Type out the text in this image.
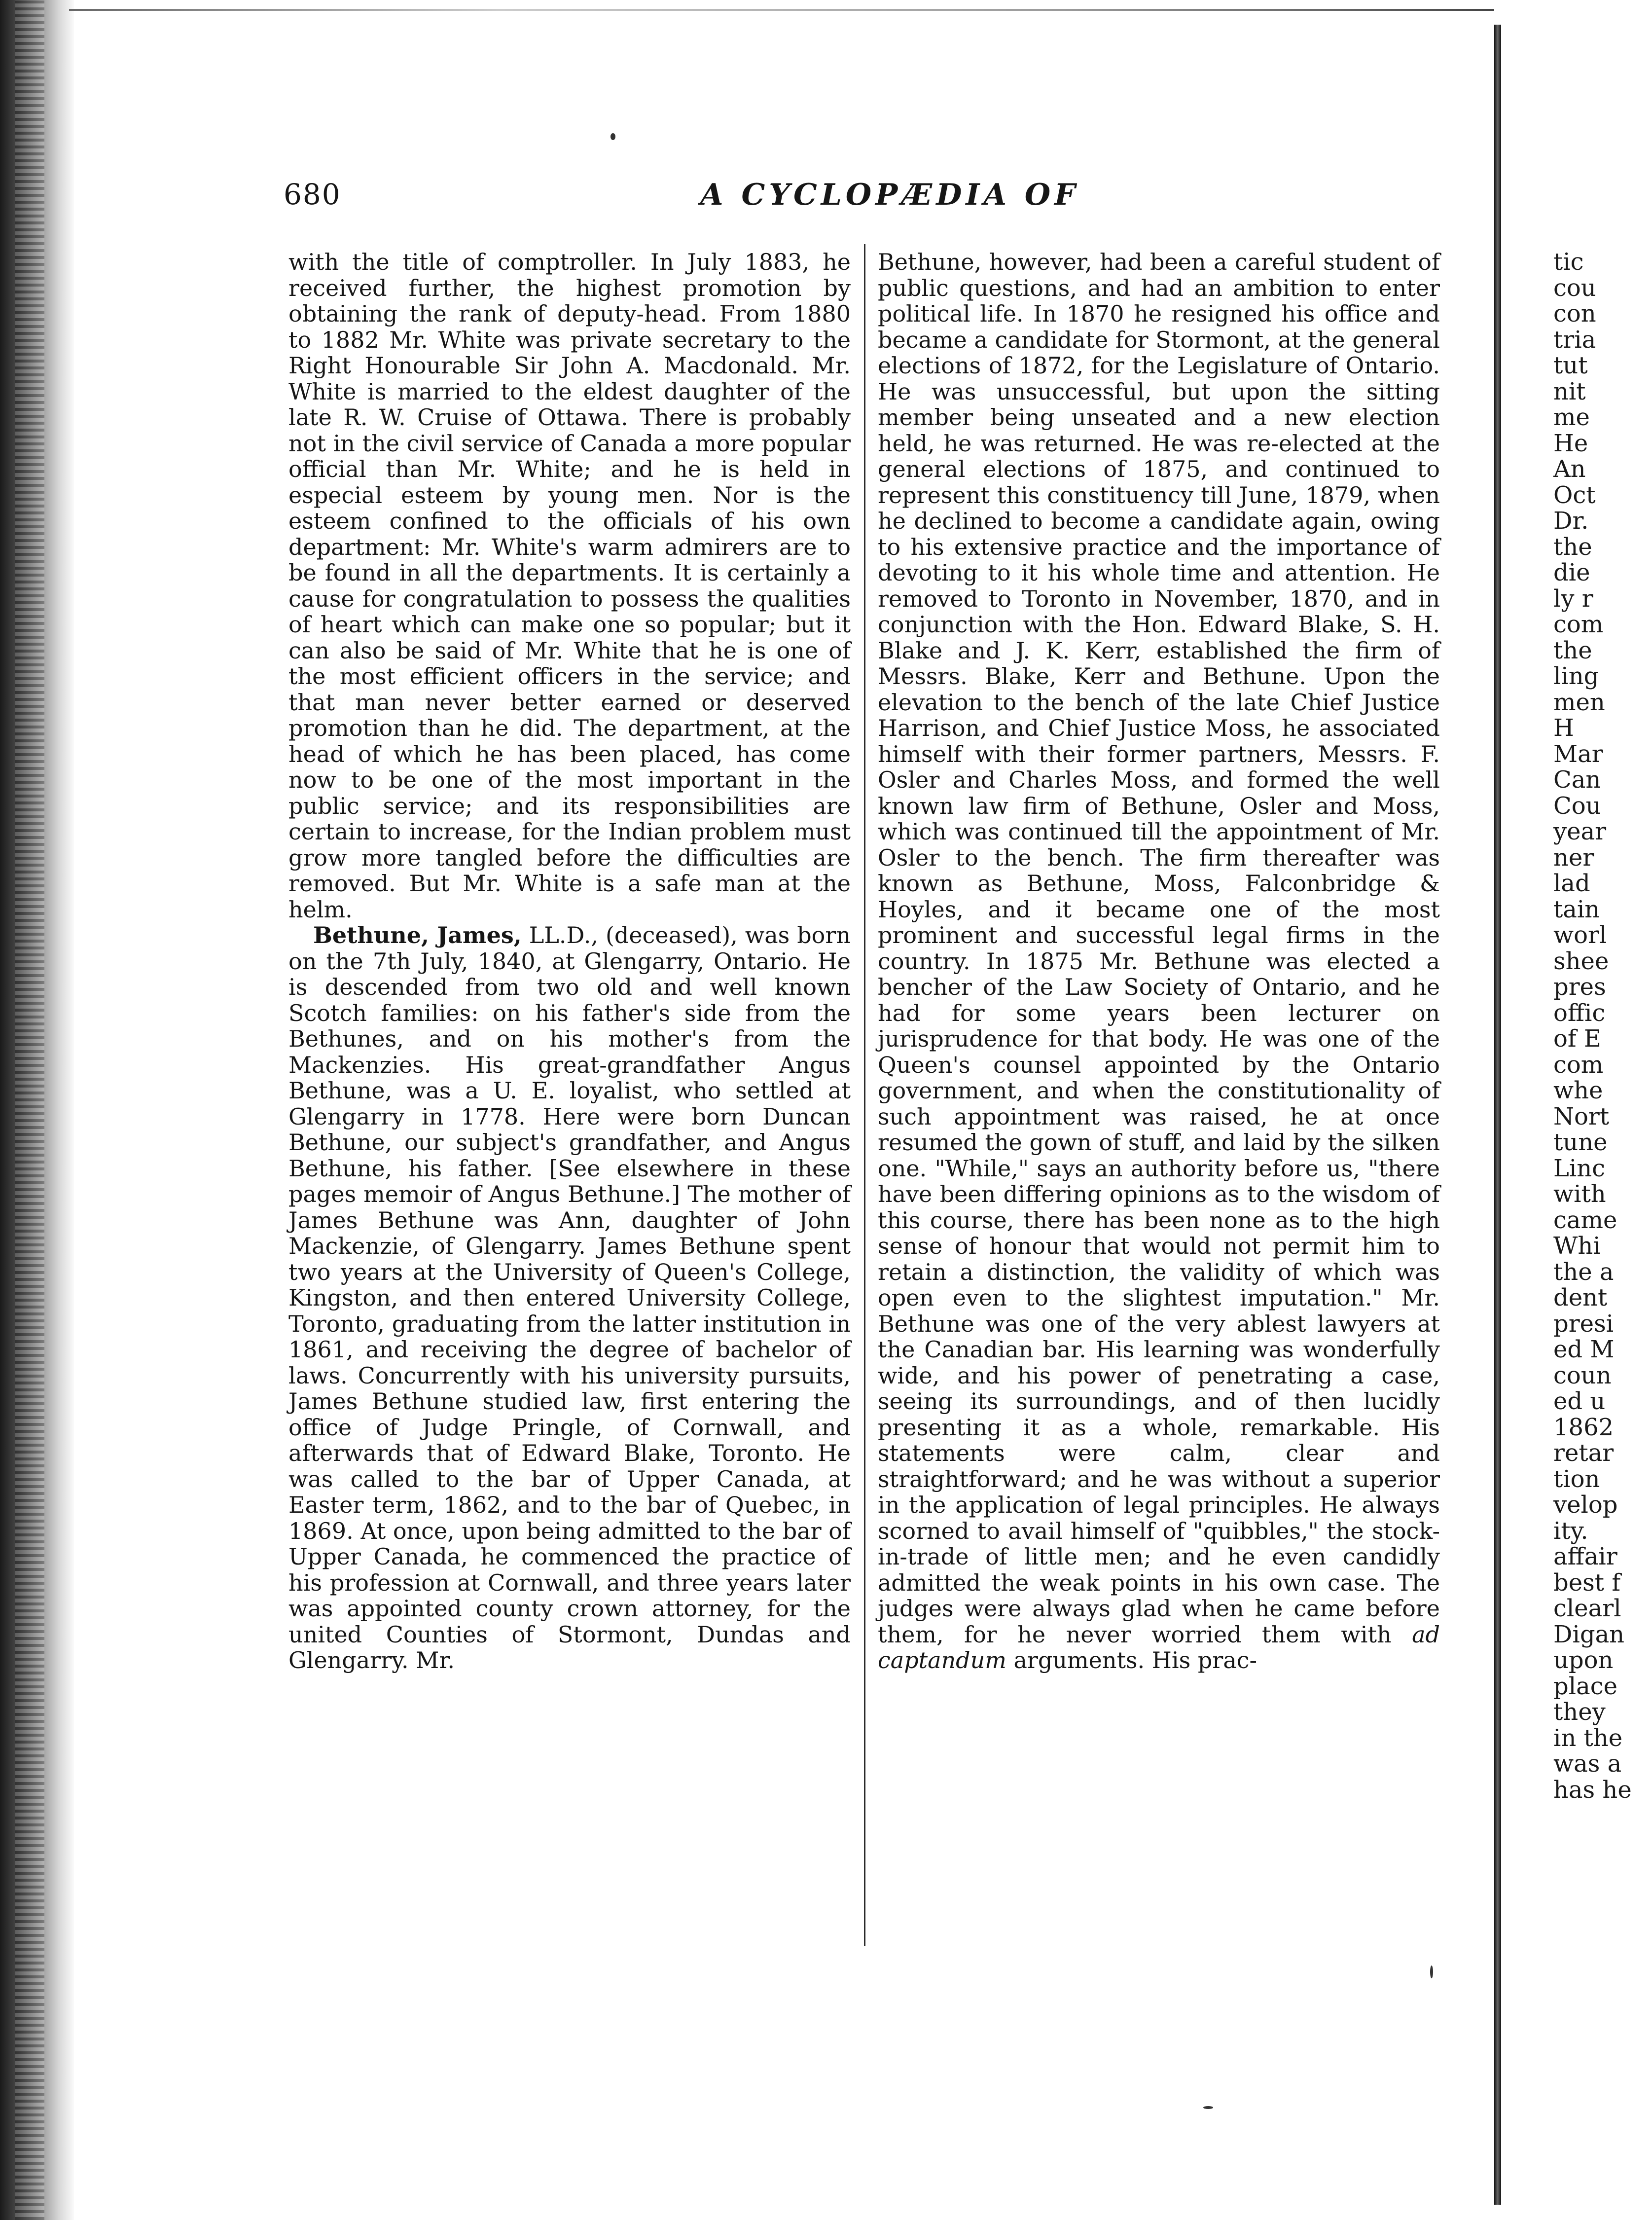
680	A CYCLOPÆDIA OF

with the title of comptroller. In July 1883, he received further, the highest promotion by obtaining the rank of deputy-head. From 1880 to 1882 Mr. White was private secretary to the Right Honourable Sir John A. Macdonald. Mr. White is married to the eldest daughter of the late R. W. Cruise of Ottawa. There is probably not in the civil service of Canada a more popular official than Mr. White; and he is held in especial esteem by young men. Nor is the esteem confined to the officials of his own department: Mr. White's warm admirers are to be found in all the departments. It is certainly a cause for congratulation to possess the qualities of heart which can make one so popular; but it can also be said of Mr. White that he is one of the most efficient officers in the service; and that man never better earned or deserved promotion than he did. The department, at the head of which he has been placed, has come now to be one of the most important in the public service; and its responsibilities are certain to increase, for the Indian problem must grow more tangled before the difficulties are removed. But Mr. White is a safe man at the helm.

Bethune, James, LL.D., (deceased), was born on the 7th July, 1840, at Glengarry, Ontario. He is descended from two old and well known Scotch families: on his father's side from the Bethunes, and on his mother's from the Mackenzies. His great-grandfather Angus Bethune, was a U. E. loyalist, who settled at Glengarry in 1778. Here were born Duncan Bethune, our subject's grandfather, and Angus Bethune, his father. [See elsewhere in these pages memoir of Angus Bethune.] The mother of James Bethune was Ann, daughter of John Mackenzie, of Glengarry. James Bethune spent two years at the University of Queen's College, Kingston, and then entered University College, Toronto, graduating from the latter institution in 1861, and receiving the degree of bachelor of laws. Concurrently with his university pursuits, James Bethune studied law, first entering the office of Judge Pringle, of Cornwall, and afterwards that of Edward Blake, Toronto. He was called to the bar of Upper Canada, at Easter term, 1862, and to the bar of Quebec, in 1869. At once, upon being admitted to the bar of Upper Canada, he commenced the practice of his profession at Cornwall, and three years later was appointed county crown attorney, for the united Counties of Stormont, Dundas and Glengarry. Mr.

Bethune, however, had been a careful student of public questions, and had an ambition to enter political life. In 1870 he resigned his office and became a candidate for Stormont, at the general elections of 1872, for the Legislature of Ontario. He was unsuccessful, but upon the sitting member being unseated and a new election held, he was returned. He was re-elected at the general elections of 1875, and continued to represent this constituency till June, 1879, when he declined to become a candidate again, owing to his extensive practice and the importance of devoting to it his whole time and attention. He removed to Toronto in November, 1870, and in conjunction with the Hon. Edward Blake, S. H. Blake and J. K. Kerr, established the firm of Messrs. Blake, Kerr and Bethune. Upon the elevation to the bench of the late Chief Justice Harrison, and Chief Justice Moss, he associated himself with their former partners, Messrs. F. Osler and Charles Moss, and formed the well known law firm of Bethune, Osler and Moss, which was continued till the appointment of Mr. Osler to the bench. The firm thereafter was known as Bethune, Moss, Falconbridge & Hoyles, and it became one of the most prominent and successful legal firms in the country. In 1875 Mr. Bethune was elected a bencher of the Law Society of Ontario, and he had for some years been lecturer on jurisprudence for that body. He was one of the Queen's counsel appointed by the Ontario government, and when the constitutionality of such appointment was raised, he at once resumed the gown of stuff, and laid by the silken one. "While," says an authority before us, "there have been differing opinions as to the wisdom of this course, there has been none as to the high sense of honour that would not permit him to retain a distinction, the validity of which was open even to the slightest imputation." Mr. Bethune was one of the very ablest lawyers at the Canadian bar. His learning was wonderfully wide, and his power of penetrating a case, seeing its surroundings, and of then lucidly presenting it as a whole, remarkable. His statements were calm, clear and straightforward; and he was without a superior in the application of legal principles. He always scorned to avail himself of "quibbles," the stock-in-trade of little men; and he even candidly admitted the weak points in his own case. The judges were always glad when he came before them, for he never worried them with ad captandum arguments. His prac-

tic
cou
con
tria
tut
nit
me
He
An
Oct
Dr.
the
die
ly r
com
the
ling
men
H
Mar
Can
Cou
year
ner
lad
tain
worl
shee
pres
offic
of E
com
whe
Nort
tune
Linc
with
came
Whi
the a
dent
presi
ed M
coun
ed u
1862
retar
tion
velop
ity.
affair
best f
clearl
Digan
upon
place
they
in the
was a
has he
